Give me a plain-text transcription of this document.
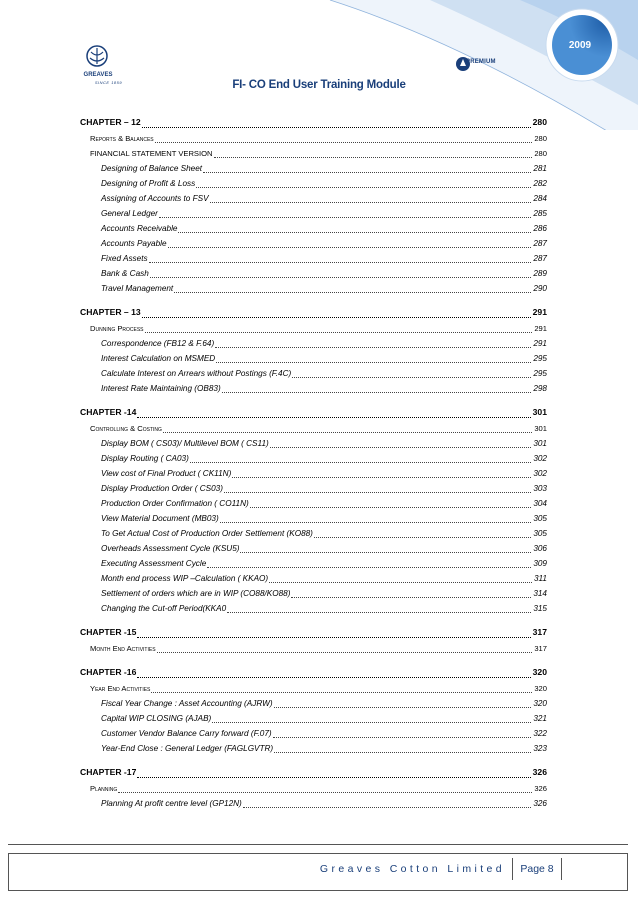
GREAVES
SINCE 1859
PREMIUM
2009
FI- CO End User Training Module
CHAPTER – 12	280
Reports & Balances	280
FINANCIAL STATEMENT VERSION	280
Designing of Balance Sheet	281
Designing of Profit & Loss	282
Assigning of Accounts to FSV	284
General Ledger	285
Accounts Receivable	286
Accounts Payable	287
Fixed Assets	287
Bank & Cash	289
Travel Management	290
CHAPTER – 13	291
Dunning Process	291
Correspondence (FB12 & F.64)	291
Interest Calculation on MSMED	295
Calculate Interest on Arrears without Postings (F.4C)	295
Interest Rate Maintaining (OB83)	298
CHAPTER -14	301
Controlling & Costing	301
Display BOM ( CS03)/ Multilevel BOM ( CS11)	301
Display Routing ( CA03)	302
View cost of Final Product ( CK11N)	302
Display Production Order ( CS03)	303
Production Order Confirmation ( CO11N)	304
View Material Document (MB03)	305
To Get Actual Cost of Production Order Settlement (KO88)	305
Overheads Assessment Cycle (KSU5)	306
Executing Assessment Cycle	309
Month end process WIP –Calculation ( KKAO)	311
Settlement of orders which are in WIP (CO88/KO88)	314
Changing the Cut-off Period(KKA0	315
CHAPTER -15	317
Month End Activities	317
CHAPTER -16	320
Year End Activities	320
Fiscal Year Change : Asset Accounting (AJRW)	320
Capital WIP CLOSING (AJAB)	321
Customer Vendor Balance Carry forward (F.07)	322
Year-End Close : General Ledger (FAGLGVTR)	323
CHAPTER -17	326
Planning	326
Planning At profit centre level (GP12N)	326
Greaves Cotton Limited	Page 8
